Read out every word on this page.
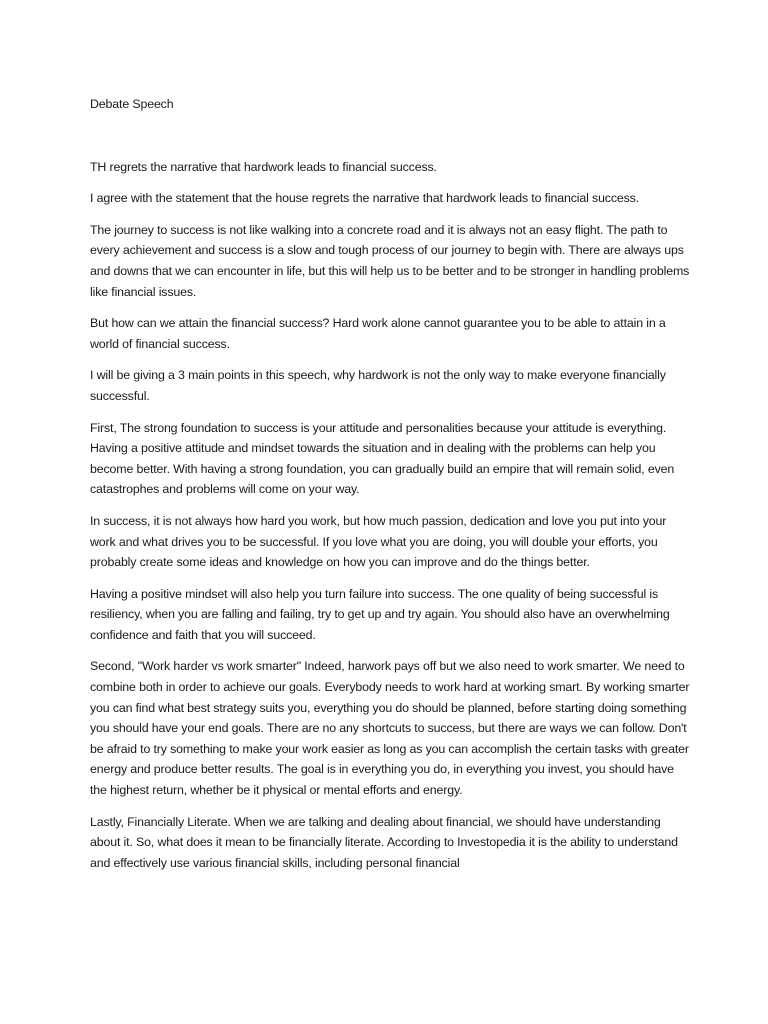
Debate Speech

TH regrets the narrative that hardwork leads to financial success.

I agree with the statement that the house regrets the narrative that hardwork leads to financial success.

The journey to success is not like walking into a concrete road and it is always not an easy flight. The path to every achievement and success is a slow and tough process of our journey to begin with. There are always ups and downs that we can encounter in life, but this will help us to be better and to be stronger in handling problems like financial issues.

But how can we attain the financial success? Hard work alone cannot guarantee you to be able to attain in a world of financial success.

I will be giving a 3 main points in this speech, why hardwork is not the only way to make everyone financially successful.

First, The strong foundation to success is your attitude and personalities because your attitude is everything. Having a positive attitude and mindset towards the situation and in dealing with the problems can help you become better. With having a strong foundation, you can gradually build an empire that will remain solid, even catastrophes and problems will come on your way.

In success, it is not always how hard you work, but how much passion, dedication and love you put into your work and what drives you to be successful. If you love what you are doing, you will double your efforts, you probably create some ideas and knowledge on how you can improve and do the things better.

Having a positive mindset will also help you turn failure into success. The one quality of being successful is resiliency, when you are falling and failing, try to get up and try again. You should also have an overwhelming confidence and faith that you will succeed.

Second, "Work harder vs work smarter" Indeed, harwork pays off but we also need to work smarter. We need to combine both in order to achieve our goals. Everybody needs to work hard at working smart. By working smarter you can find what best strategy suits you, everything you do should be planned, before starting doing something you should have your end goals. There are no any shortcuts to success, but there are ways we can follow. Don't be afraid to try something to make your work easier as long as you can accomplish the certain tasks with greater energy and produce better results. The goal is in everything you do, in everything you invest, you should have the highest return, whether be it physical or mental efforts and energy.

Lastly, Financially Literate. When we are talking and dealing about financial, we should have understanding about it. So, what does it mean to be financially literate. According to Investopedia it is the ability to understand and effectively use various financial skills, including personal financial
